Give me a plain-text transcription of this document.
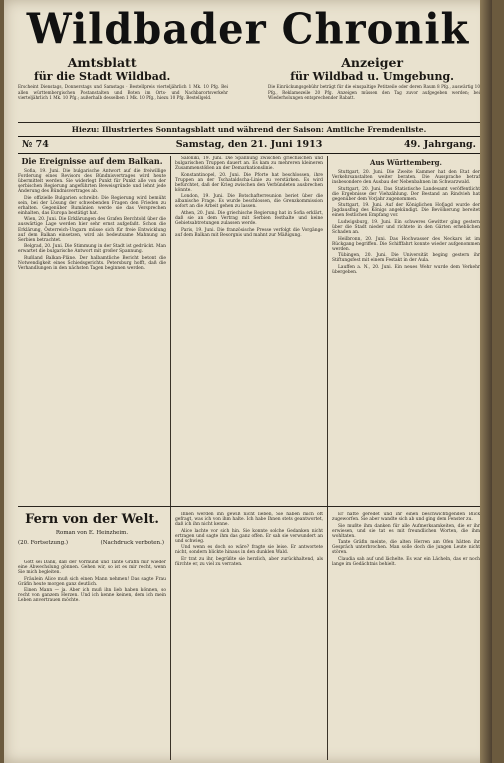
Wildbader Chronik
Amtsblatt
für die Stadt Wildbad.
Anzeiger
für Wildbad u. Umgebung.
Erscheint Dienstags, Donnerstags und Samstags · Bestellpreis vierteljährlich 1 Mk. 10 Pfg. Bei allen württembergischen Postanstalten und Boten im Orts- und Nachbarortsverkehr vierteljährlich 1 Mk. 10 Pfg.; außerhalb desselben 1 Mk. 10 Pfg., hiezu 10 Pfg. Bestellgeld.
Die Einrückungsgebühr beträgt für die einspaltige Petitzeile oder deren Raum 8 Pfg., auswärtig 10 Pfg., Reklamezeile 20 Pfg. Anzeigen müssen den Tag zuvor aufgegeben werden; bei Wiederholungen entsprechender Rabatt.
Hiezu: Illustriertes Sonntagsblatt und während der Saison: Amtliche Fremdenliste.
№ 74	Samstag, den 21. Juni 1913	49. Jahrgang.
Die Ereignisse auf dem Balkan.

Sofia, 19. Juni. Die bulgarische Antwort auf die freiwillige Forderung eines Revisors des Bündnisvertrages wird heute übermittelt werden. Sie widerlegt Punkt für Punkt alle von der serbischen Regierung angeführten Beweisgründe und lehnt jede Änderung des Bündnisvertrages ab.

Die offizielle Bulgarien schreibt: Die Regierung wird bemüht sein, bei der Lösung der schwebenden Fragen den Frieden zu erhalten. Gegenüber Rumänien werde sie das Versprechen einhalten, das Europa bestätigt hat.

Wien, 20. Juni. Die Erklärungen des Grafen Berchtold über die auswärtige Lage werden hier sehr ernst aufgefaßt. Schon die Erklärung, Österreich-Ungarn müsse sich für freie Entwicklung auf dem Balkan einsetzen, wird als bedeutsame Mahnung an Serbien betrachtet.

Belgrad, 20. Juni. Die Stimmung in der Stadt ist gedrückt. Man erwartet die bulgarische Antwort mit großer Spannung.

Rußland Balkan-Pläne. Der halbamtliche Bericht betont die Notwendigkeit eines Schiedsgerichts. Petersburg hofft, daß die Verhandlungen in den nächsten Tagen beginnen werden.

Saloniki, 19. Juni. Die Spannung zwischen griechischen und bulgarischen Truppen dauert an. Es kam zu mehreren kleineren Zusammenstößen an der Demarkationslinie.

Konstantinopel, 20. Juni. Die Pforte hat beschlossen, ihre Truppen an der Tschataldscha-Linie zu verstärken. Es wird befürchtet, daß der Krieg zwischen den Verbündeten ausbrechen könnte.

London, 19. Juni. Die Botschafterreunion beriet über die albanische Frage. Es wurde beschlossen, die Grenzkommission sofort an die Arbeit gehen zu lassen.

Athen, 20. Juni. Die griechische Regierung hat in Sofia erklärt, daß sie an dem Vertrag mit Serbien festhalte und keine Gebietsabtretungen zulassen werde.

Paris, 19. Juni. Die französische Presse verfolgt die Vorgänge auf dem Balkan mit Besorgnis und mahnt zur Mäßigung.

Aus Württemberg.

Stuttgart, 20. Juni. Die Zweite Kammer hat den Etat der Verkehrsanstalten weiter beraten. Die Aussprache betraf insbesondere den Ausbau der Nebenbahnen im Schwarzwald.

Stuttgart, 20. Juni. Das Statistische Landesamt veröffentlicht die Ergebnisse der Viehzählung. Der Bestand an Rindvieh hat gegenüber dem Vorjahr zugenommen.

Stuttgart, 19. Juni. Auf der Königlichen Hofjagd wurde der Jagdausflug des Königs angekündigt. Die Bevölkerung bereitet einen festlichen Empfang vor.

Ludwigsburg, 19. Juni. Ein schweres Gewitter ging gestern über die Stadt nieder und richtete in den Gärten erheblichen Schaden an.

Heilbronn, 20. Juni. Das Hochwasser des Neckars ist im Rückgang begriffen. Die Schifffahrt konnte wieder aufgenommen werden.

Tübingen, 20. Juni. Die Universität beging gestern ihr Stiftungsfest mit einem Festakt in der Aula.

Lauffen a. N., 20. Juni. Ein neues Wehr wurde dem Verkehr übergeben.

Fern von der Welt.
Roman von E. Heinzheim.
(20. Fortsetzung.)	(Nachdruck verboten.)

Gott sei Dank, daß der Vormund und Tante Gräfin mir wieder eine Abwechslung gönnen. Gehen wir, so ist es mir recht, wenn Sie mich begleiten.

Fräulein Alice muß sich einen Mann nehmen! Das sagte Frau Gräfin heute morgen ganz deutlich.

Einen Mann — ja. Aber ich muß ihn lieb haben können, so recht von ganzem Herzen. Und ich kenne keinen, dem ich mein Leben anvertrauen möchte.

Ihnen werden ihn gewiß nicht lieben, Sie haben mich oft gefragt, was ich von ihm halte. Ich habe Ihnen stets geantwortet, daß ich ihn nicht kenne.

Alice lachte vor sich hin. Sie konnte solche Gedanken nicht ertragen und sagte ihm das ganz offen. Er sah sie verwundert an und schwieg.

Und wenn es doch so wäre? fragte sie leise. Er antwortete nicht, sondern blickte hinaus in den dunklen Wald.

Er trat zu ihr, begrüßte sie herzlich, aber zurückhaltend, als fürchte er, zu viel zu verraten.

Er hatte geredet und ihr einen beschwichtigenden Blick zugeworfen. Sie aber wandte sich ab und ging dem Fenster zu.

Sie mußte ihm danken für alle Aufmerksamkeiten, die er ihr erwiesen, und sie tat es mit freundlichen Worten, die ihm wohltaten.

Tante Gräfin meinte, die alten Herren am Ofen hätten ihr Gespräch unterbrochen. Man solle doch die jungen Leute nicht stören.

Claudia sah auf und lächelte. Es war ein Lächeln, das er noch lange im Gedächtnis behielt.
